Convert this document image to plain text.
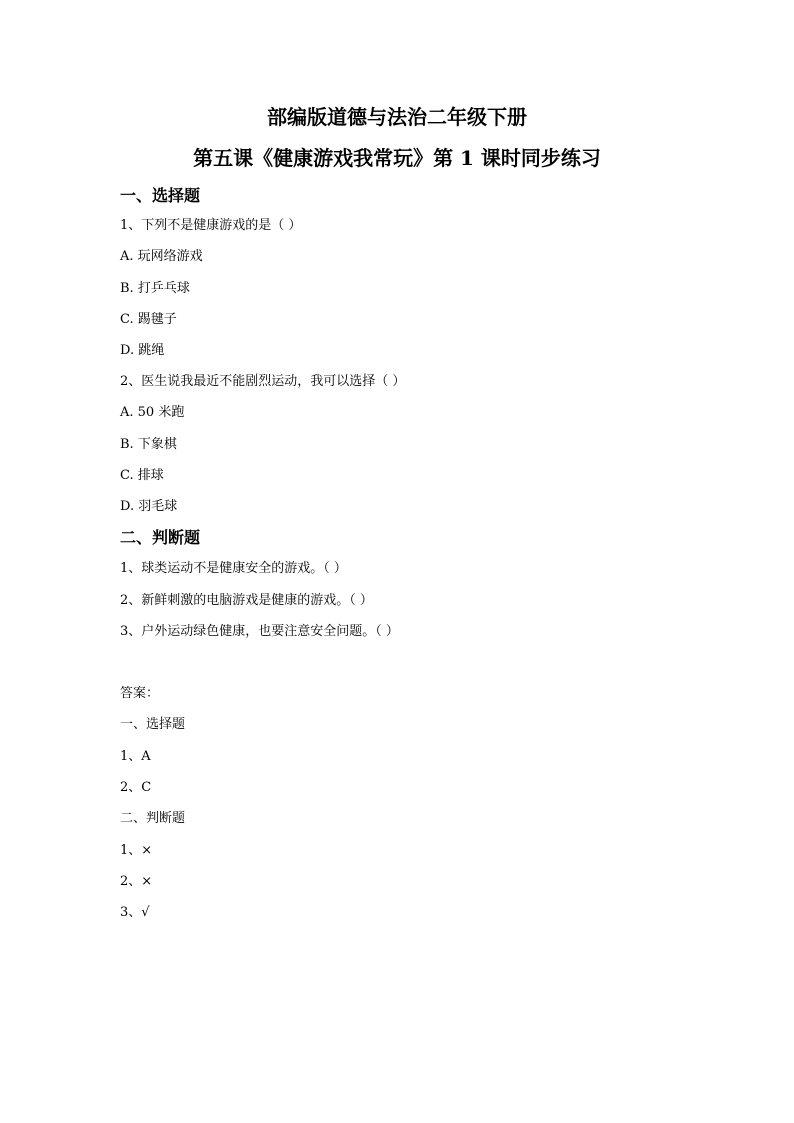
部编版道德与法治二年级下册
第五课《健康游戏我常玩》第 1 课时同步练习
一、选择题
1、下列不是健康游戏的是（ ）
A. 玩网络游戏
B. 打乒乓球
C. 踢毽子
D. 跳绳
2、医生说我最近不能剧烈运动，我可以选择（ ）
A. 50 米跑
B. 下象棋
C. 排球
D. 羽毛球
二、判断题
1、球类运动不是健康安全的游戏。（ ）
2、新鲜刺激的电脑游戏是健康的游戏。（ ）
3、户外运动绿色健康，也要注意安全问题。（ ）
答案：
一、选择题
1、A
2、C
二、判断题
1、×
2、×
3、√
